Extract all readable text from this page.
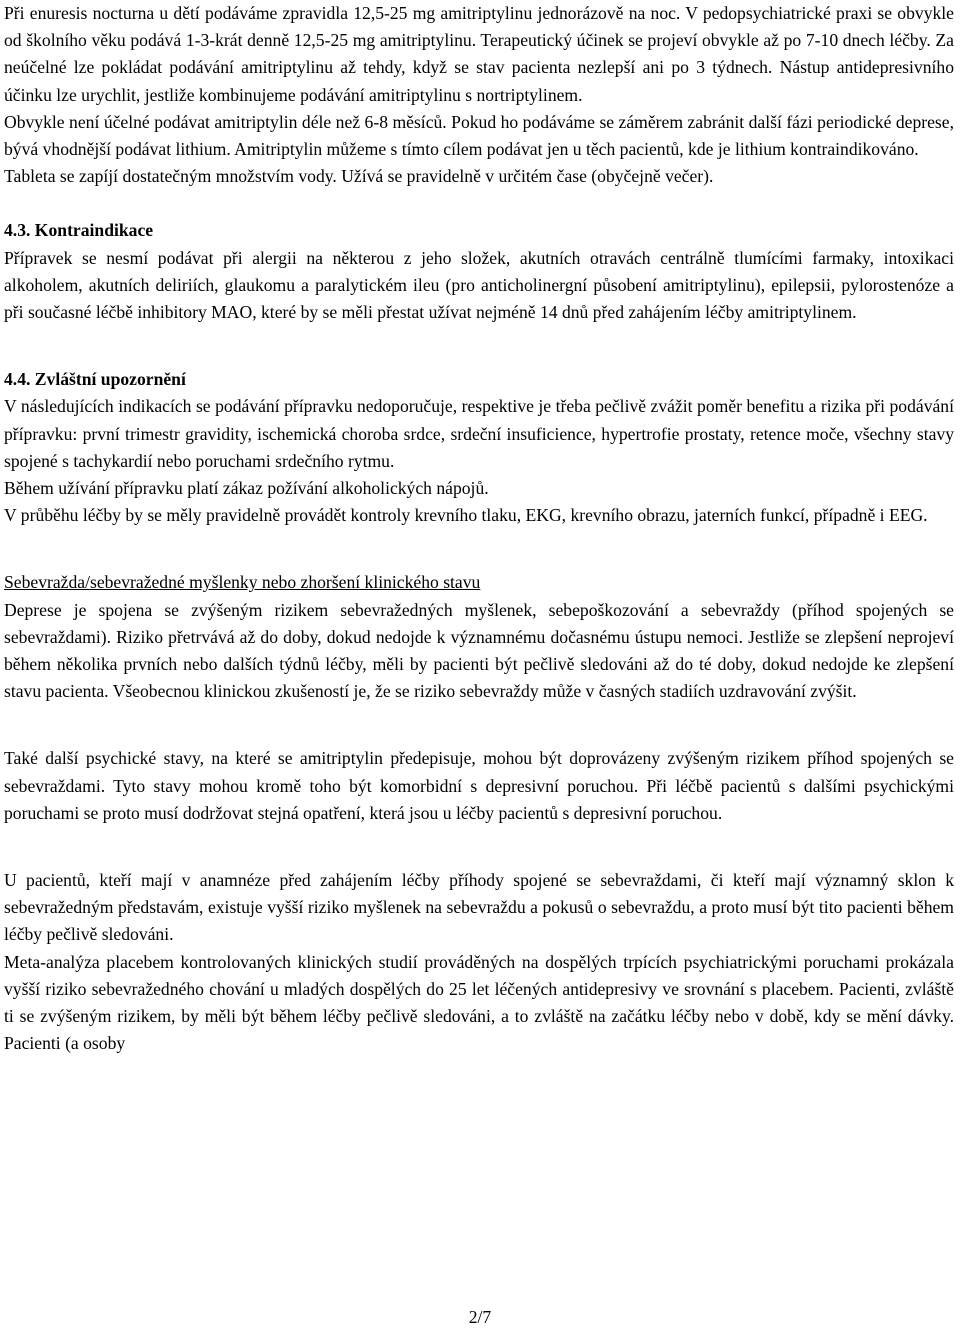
Při enuresis nocturna u dětí podáváme zpravidla 12,5-25 mg amitriptylinu jednorázově na noc. V pedopsychiatrické praxi se obvykle od školního věku podává 1-3-krát denně 12,5-25 mg amitriptylinu. Terapeutický účinek se projeví obvykle až po 7-10 dnech léčby. Za neúčelné lze pokládat podávání amitriptylinu až tehdy, když se stav pacienta nezlepší ani po 3 týdnech. Nástup antidepresivního účinku lze urychlit, jestliže kombinujeme podávání amitriptylinu s nortriptylinem.

Obvykle není účelné podávat amitriptylin déle než 6-8 měsíců. Pokud ho podáváme se záměrem zabránit další fázi periodické deprese, bývá vhodnější podávat lithium. Amitriptylin můžeme s tímto cílem podávat jen u těch pacientů, kde je lithium kontraindikováno.

Tableta se zapíjí dostatečným množstvím vody. Užívá se pravidelně v určitém čase (obyčejně večer).

4.3. Kontraindikace

Přípravek se nesmí podávat při alergii na některou z jeho složek, akutních otravách centrálně tlumícími farmaky, intoxikaci alkoholem, akutních deliriích, glaukomu a paralytickém ileu (pro anticholinergní působení amitriptylinu), epilepsii, pylorostenóze a při současné léčbě inhibitory MAO, které by se měli přestat užívat nejméně 14 dnů před zahájením léčby amitriptylinem.

4.4. Zvláštní upozornění

V následujících indikacích se podávání přípravku nedoporučuje, respektive je třeba pečlivě zvážit poměr benefitu a rizika při podávání přípravku: první trimestr gravidity, ischemická choroba srdce, srdeční insuficience, hypertrofie prostaty, retence moče, všechny stavy spojené s tachykardií nebo poruchami srdečního rytmu.

Během užívání přípravku platí zákaz požívání alkoholických nápojů.

V průběhu léčby by se měly pravidelně provádět kontroly krevního tlaku, EKG, krevního obrazu, jaterních funkcí, případně i EEG.

Sebevražda/sebevražedné myšlenky nebo zhoršení klinického stavu

Deprese je spojena se zvýšeným rizikem sebevražedných myšlenek, sebepoškozování a sebevraždy (příhod spojených se sebevraždami). Riziko přetrvává až do doby, dokud nedojde k významnému dočasnému ústupu nemoci. Jestliže se zlepšení neprojeví během několika prvních nebo dalších týdnů léčby, měli by pacienti být pečlivě sledováni až do té doby, dokud nedojde ke zlepšení stavu pacienta. Všeobecnou klinickou zkušeností je, že se riziko sebevraždy může v časných stadiích uzdravování zvýšit.

Také další psychické stavy, na které se amitriptylin předepisuje, mohou být doprovázeny zvýšeným rizikem příhod spojených se sebevraždami. Tyto stavy mohou kromě toho být komorbidní s depresivní poruchou. Při léčbě pacientů s dalšími psychickými poruchami se proto musí dodržovat stejná opatření, která jsou u léčby pacientů s depresivní poruchou.

U pacientů, kteří mají v anamnéze před zahájením léčby příhody spojené se sebevraždami, či kteří mají významný sklon k sebevražedným představám, existuje vyšší riziko myšlenek na sebevraždu a pokusů o sebevraždu, a proto musí být tito pacienti během léčby pečlivě sledováni.

Meta-analýza placebem kontrolovaných klinických studií prováděných na dospělých trpících psychiatrickými poruchami prokázala vyšší riziko sebevražedného chování u mladých dospělých do 25 let léčených antidepresivy ve srovnání s placebem. Pacienti, zvláště ti se zvýšeným rizikem, by měli být během léčby pečlivě sledováni, a to zvláště na začátku léčby nebo v době, kdy se mění dávky. Pacienti (a osoby

2/7
